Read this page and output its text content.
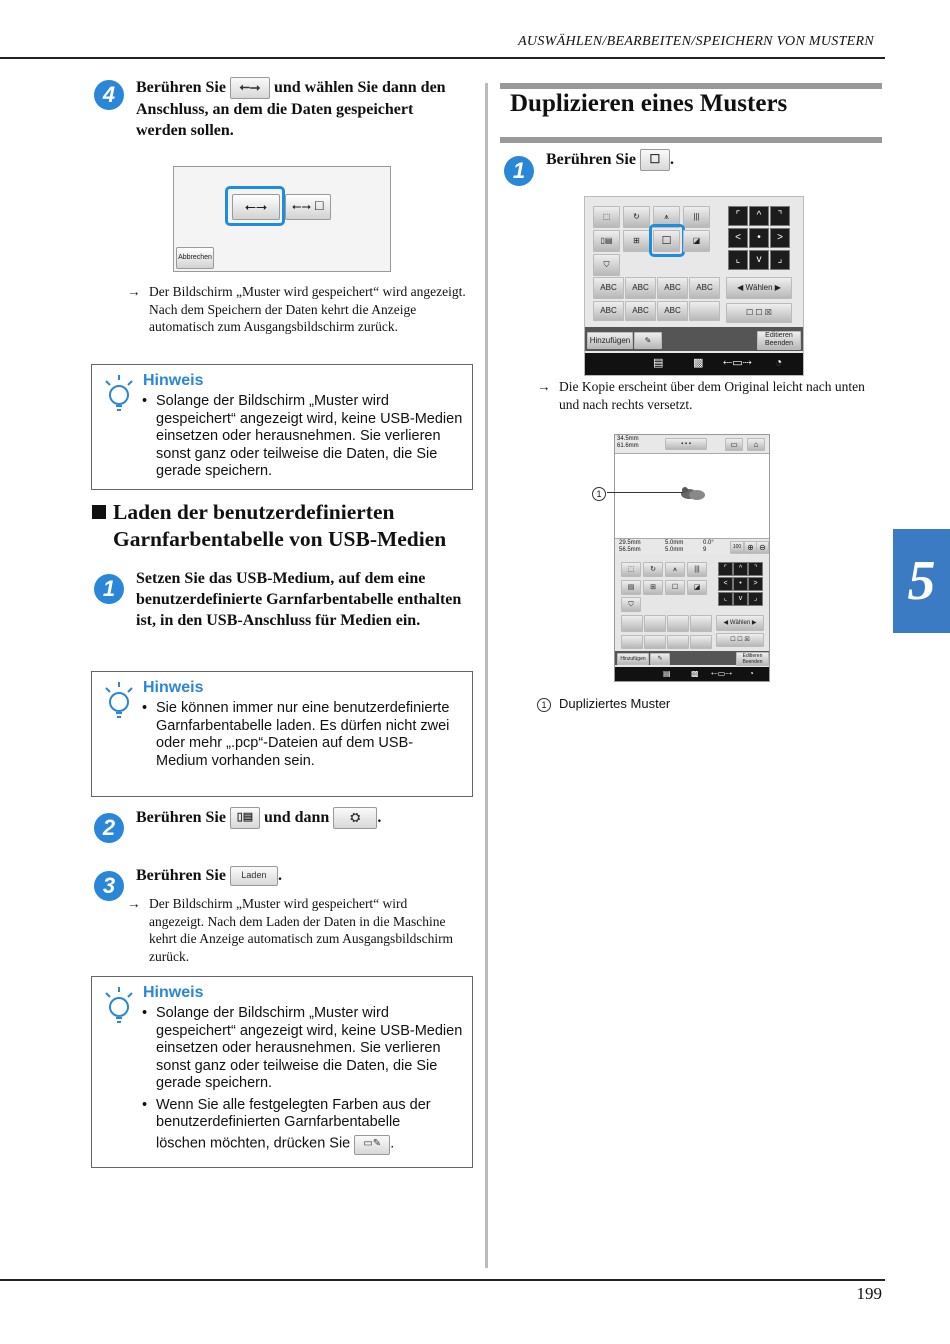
AUSWÄHLEN/BEARBEITEN/SPEICHERN VON MUSTERN
5
4	Berühren Sie ⭠⭢ und wählen Sie dann den Anschluss, an dem die Daten gespeichert werden sollen.
⭠⭢	⭠⭢ ☐
Abbrechen
→ Der Bildschirm „Muster wird gespeichert“ wird angezeigt. Nach dem Speichern der Daten kehrt die Anzeige automatisch zum Ausgangsbildschirm zurück.
Hinweis
• Solange der Bildschirm „Muster wird gespeichert“ angezeigt wird, keine USB-Medien einsetzen oder herausnehmen. Sie verlieren sonst ganz oder teilweise die Daten, die Sie gerade speichern.
Laden der benutzerdefinierten
Garnfarbentabelle von USB-Medien
1	Setzen Sie das USB-Medium, auf dem eine benutzerdefinierte Garnfarbentabelle enthalten ist, in den USB-Anschluss für Medien ein.
Hinweis
• Sie können immer nur eine benutzerdefinierte Garnfarbentabelle laden. Es dürfen nicht zwei oder mehr „.pcp“-Dateien auf dem USB-Medium vorhanden sein.
2	Berühren Sie ▯▤ und dann ⛭ .
3	Berühren Sie Laden .
→ Der Bildschirm „Muster wird gespeichert“ wird angezeigt. Nach dem Laden der Daten in die Maschine kehrt die Anzeige automatisch zum Ausgangsbildschirm zurück.
Hinweis
• Solange der Bildschirm „Muster wird gespeichert“ angezeigt wird, keine USB-Medien einsetzen oder herausnehmen. Sie verlieren sonst ganz oder teilweise die Daten, die Sie gerade speichern.
• Wenn Sie alle festgelegten Farben aus der benutzerdefinierten Garnfarbentabelle
löschen möchten, drücken Sie ▭✎ .
Duplizieren eines Musters
1	Berühren Sie ☐ .
⬚	↻	⩚	|||
▯▤	⊞	☐	◪
⛉
ABC	ABC	ABC	ABC
ABC	ABC	ABC
⌜	^	⌝
<	•	>
⌞	v	⌟
◀ Wählen ▶
☐ ☐ ☒
Hinzufügen	✎
Editieren Beenden
▤	▩ ⇠▭⇢ ◔
→ Die Kopie erscheint über dem Original leicht nach unten und nach rechts versetzt.
34.5mm
61.6mm	▪ ▪ ▪	▭	⌂
29.5mm
56.5mm
5.0mm
5.0mm
0.0°
9	100 ⊕ ⊖
⬚	↻	⩚	|||
▤	⊞	☐	◪
⛉
⌜	^	⌝
<	•	>
⌞	v	⌟
◀ Wählen ▶
☐ ☐ ☒
Hinzufügen	✎	Editieren Beenden
▤	▩ ⇠▭⇢ ◔
1
1 Dupliziertes Muster
199
